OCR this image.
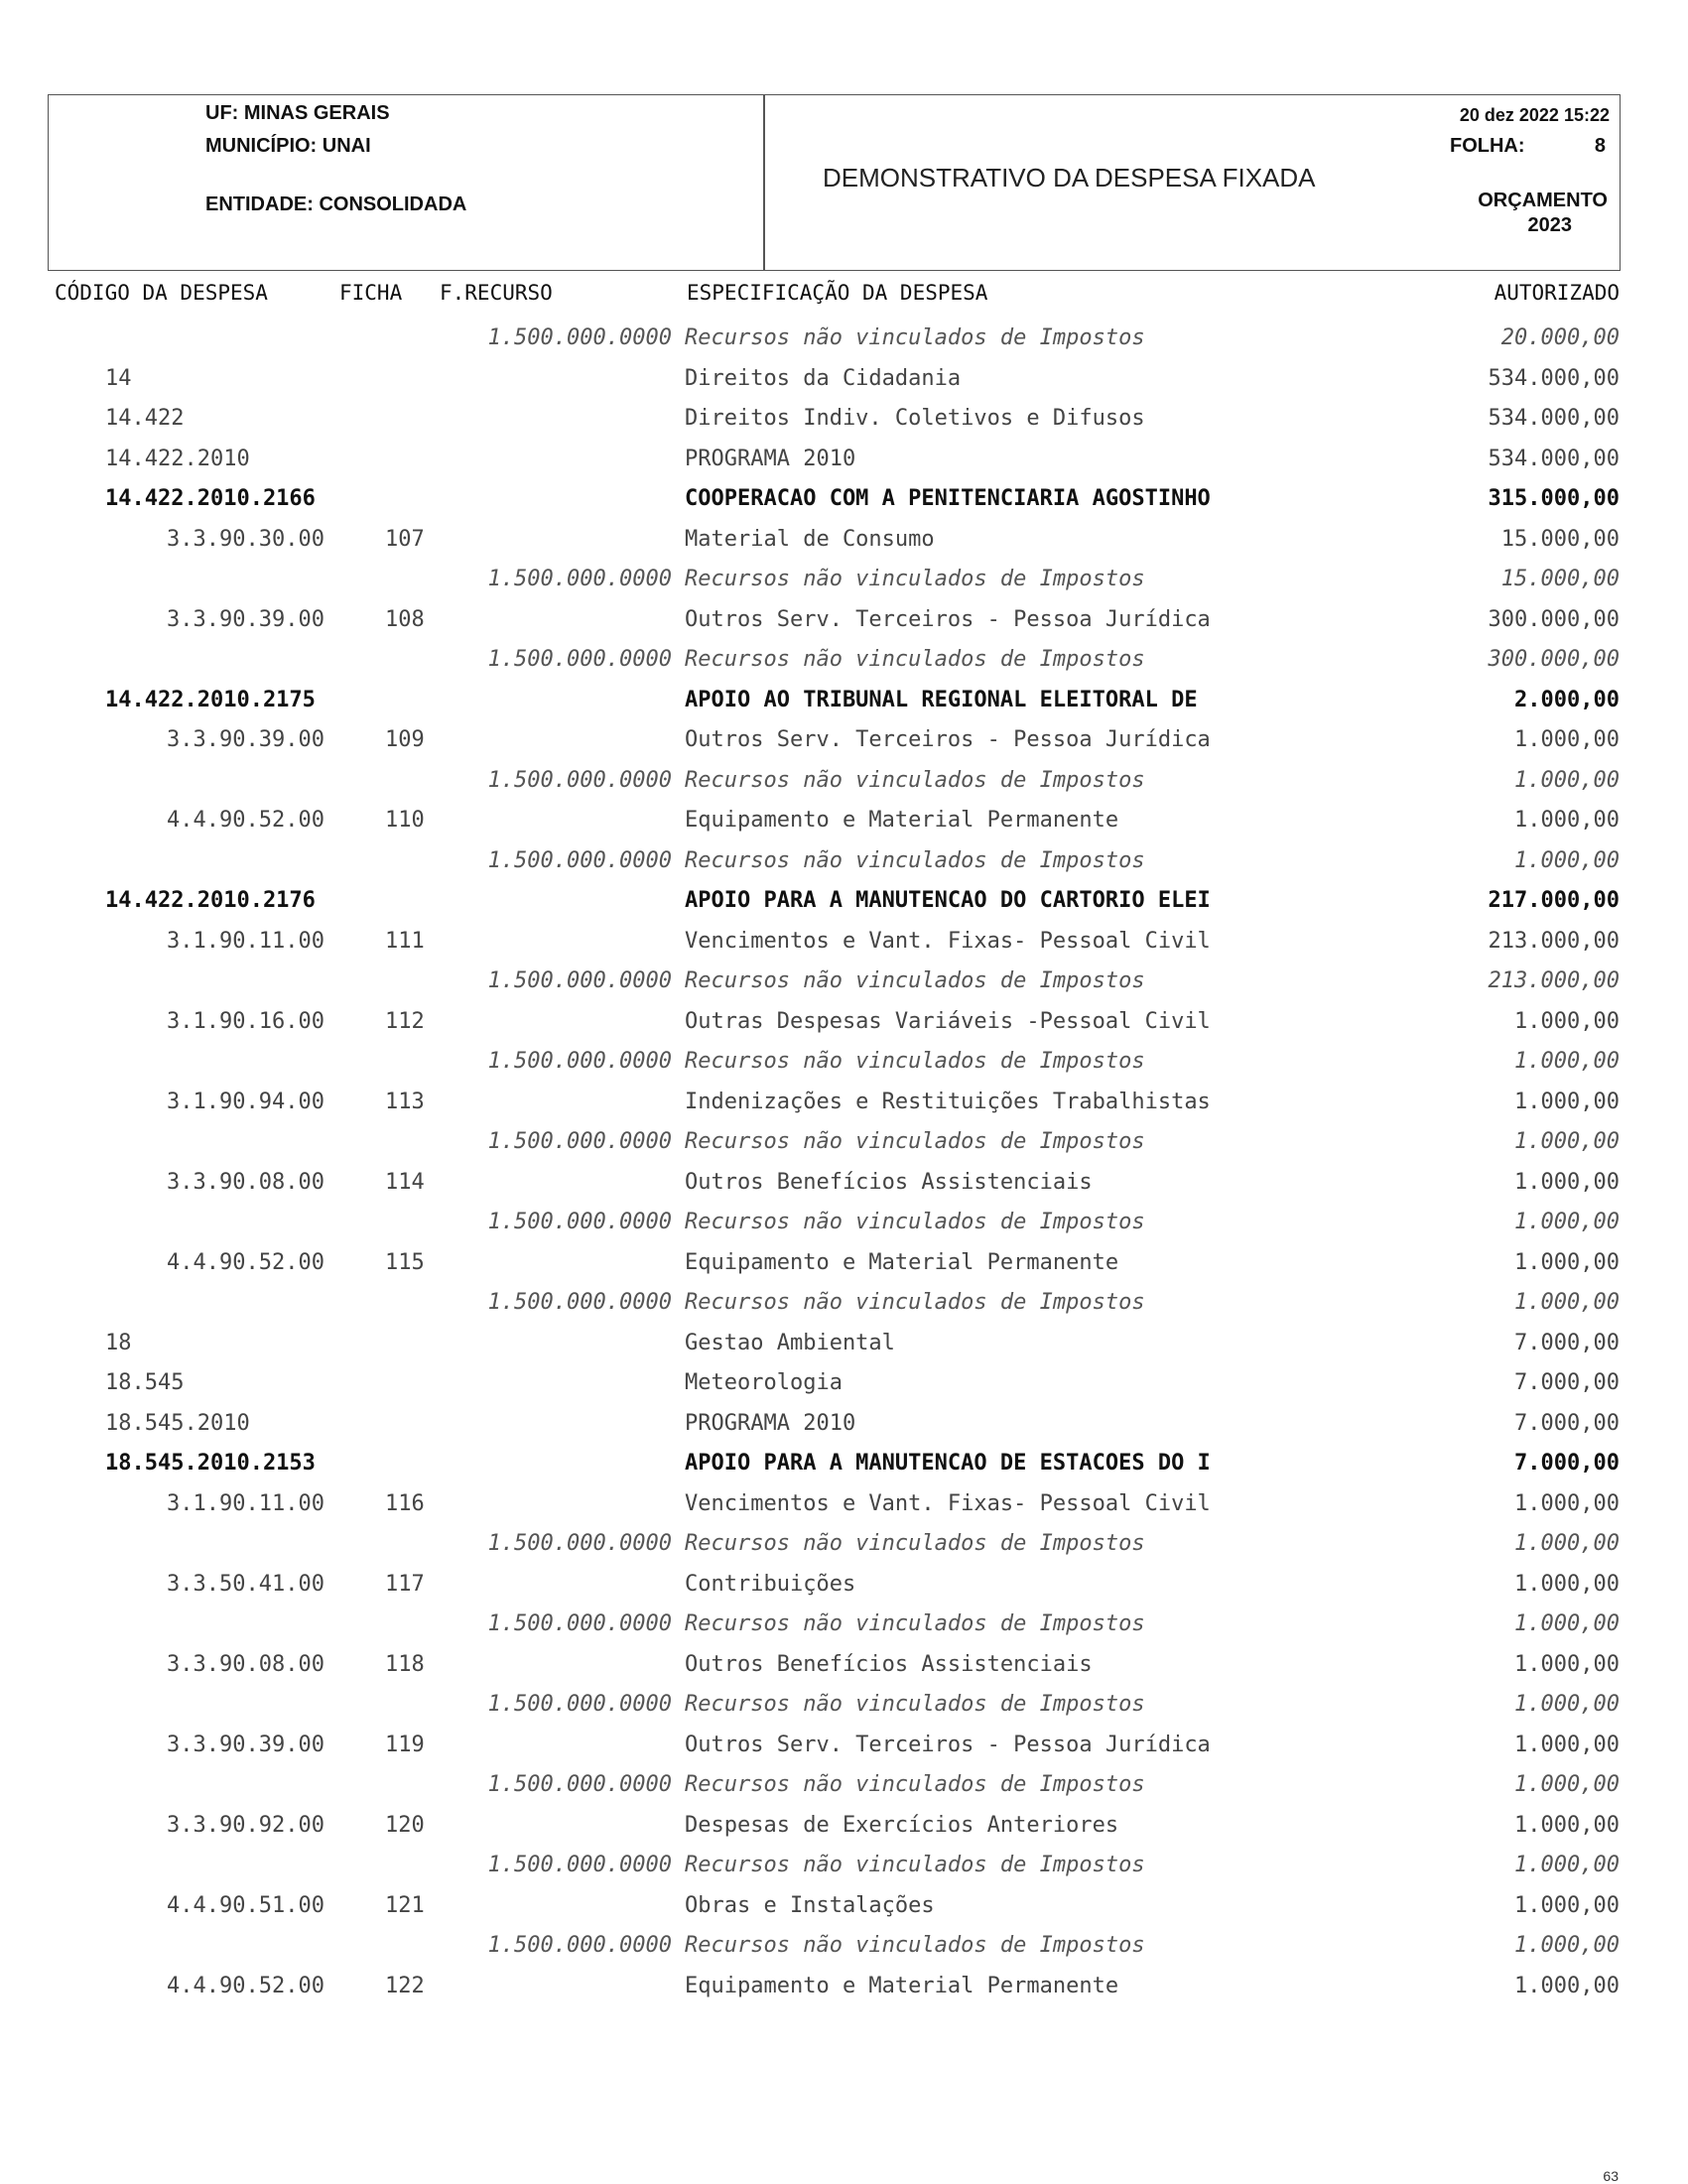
UF: MINAS GERAIS
MUNICÍPIO: UNAI
ENTIDADE: CONSOLIDADA
DEMONSTRATIVO DA DESPESA FIXADA
20 dez 2022 15:22
FOLHA:	8
ORÇAMENTO
2023
CÓDIGO DA DESPESA	FICHA F.RECURSO	ESPECIFICAÇÃO DA DESPESA	AUTORIZADO
1.500.000.0000 Recursos não vinculados de Impostos	20.000,00
14	Direitos da Cidadania	534.000,00
14.422	Direitos Indiv. Coletivos e Difusos	534.000,00
14.422.2010	PROGRAMA 2010	534.000,00
14.422.2010.2166	COOPERACAO COM A PENITENCIARIA AGOSTINHO	315.000,00
3.3.90.30.00	107	Material de Consumo	15.000,00
1.500.000.0000 Recursos não vinculados de Impostos	15.000,00
3.3.90.39.00	108	Outros Serv. Terceiros - Pessoa Jurídica	300.000,00
1.500.000.0000 Recursos não vinculados de Impostos	300.000,00
14.422.2010.2175	APOIO AO TRIBUNAL REGIONAL ELEITORAL DE	2.000,00
3.3.90.39.00	109	Outros Serv. Terceiros - Pessoa Jurídica	1.000,00
1.500.000.0000 Recursos não vinculados de Impostos	1.000,00
4.4.90.52.00	110	Equipamento e Material Permanente	1.000,00
1.500.000.0000 Recursos não vinculados de Impostos	1.000,00
14.422.2010.2176	APOIO PARA A MANUTENCAO DO CARTORIO ELEI	217.000,00
3.1.90.11.00	111	Vencimentos e Vant. Fixas- Pessoal Civil	213.000,00
1.500.000.0000 Recursos não vinculados de Impostos	213.000,00
3.1.90.16.00	112	Outras Despesas Variáveis -Pessoal Civil	1.000,00
1.500.000.0000 Recursos não vinculados de Impostos	1.000,00
3.1.90.94.00	113	Indenizações e Restituições Trabalhistas	1.000,00
1.500.000.0000 Recursos não vinculados de Impostos	1.000,00
3.3.90.08.00	114	Outros Benefícios Assistenciais	1.000,00
1.500.000.0000 Recursos não vinculados de Impostos	1.000,00
4.4.90.52.00	115	Equipamento e Material Permanente	1.000,00
1.500.000.0000 Recursos não vinculados de Impostos	1.000,00
18	Gestao Ambiental	7.000,00
18.545	Meteorologia	7.000,00
18.545.2010	PROGRAMA 2010	7.000,00
18.545.2010.2153	APOIO PARA A MANUTENCAO DE ESTACOES DO I	7.000,00
3.1.90.11.00	116	Vencimentos e Vant. Fixas- Pessoal Civil	1.000,00
1.500.000.0000 Recursos não vinculados de Impostos	1.000,00
3.3.50.41.00	117	Contribuições	1.000,00
1.500.000.0000 Recursos não vinculados de Impostos	1.000,00
3.3.90.08.00	118	Outros Benefícios Assistenciais	1.000,00
1.500.000.0000 Recursos não vinculados de Impostos	1.000,00
3.3.90.39.00	119	Outros Serv. Terceiros - Pessoa Jurídica	1.000,00
1.500.000.0000 Recursos não vinculados de Impostos	1.000,00
3.3.90.92.00	120	Despesas de Exercícios Anteriores	1.000,00
1.500.000.0000 Recursos não vinculados de Impostos	1.000,00
4.4.90.51.00	121	Obras e Instalações	1.000,00
1.500.000.0000 Recursos não vinculados de Impostos	1.000,00
4.4.90.52.00	122	Equipamento e Material Permanente	1.000,00
63
